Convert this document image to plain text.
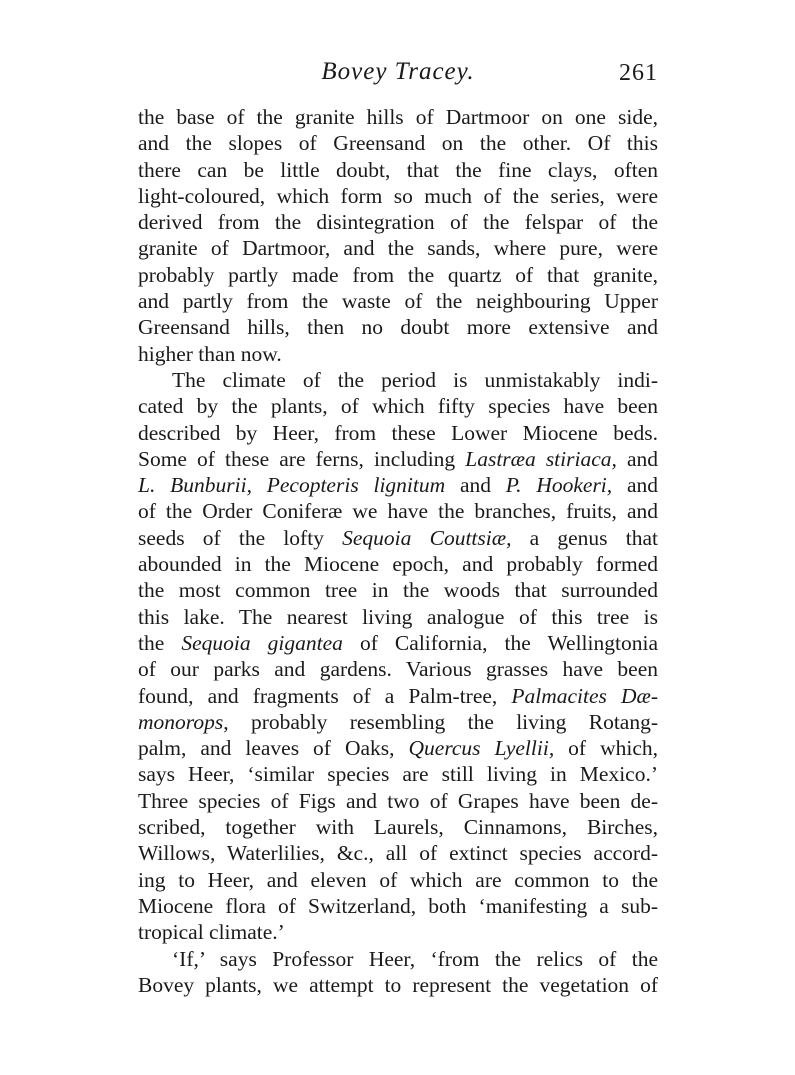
Bovey Tracey.	261
the base of the granite hills of Dartmoor on one side,
and the slopes of Greensand on the other. Of this
there can be little doubt, that the fine clays, often
light-coloured, which form so much of the series, were
derived from the disintegration of the felspar of the
granite of Dartmoor, and the sands, where pure, were
probably partly made from the quartz of that granite,
and partly from the waste of the neighbouring Upper
Greensand hills, then no doubt more extensive and
higher than now.
The climate of the period is unmistakably indi-
cated by the plants, of which fifty species have been
described by Heer, from these Lower Miocene beds.
Some of these are ferns, including Lastræa stiriaca, and
L. Bunburii, Pecopteris lignitum and P. Hookeri, and
of the Order Coniferæ we have the branches, fruits, and
seeds of the lofty Sequoia Couttsiæ, a genus that
abounded in the Miocene epoch, and probably formed
the most common tree in the woods that surrounded
this lake. The nearest living analogue of this tree is
the Sequoia gigantea of California, the Wellingtonia
of our parks and gardens. Various grasses have been
found, and fragments of a Palm-tree, Palmacites Dæ-
monorops, probably resembling the living Rotang-
palm, and leaves of Oaks, Quercus Lyellii, of which,
says Heer, ‘similar species are still living in Mexico.’
Three species of Figs and two of Grapes have been de-
scribed, together with Laurels, Cinnamons, Birches,
Willows, Waterlilies, &c., all of extinct species accord-
ing to Heer, and eleven of which are common to the
Miocene flora of Switzerland, both ‘manifesting a sub-
tropical climate.’
‘If,’ says Professor Heer, ‘from the relics of the
Bovey plants, we attempt to represent the vegetation of
